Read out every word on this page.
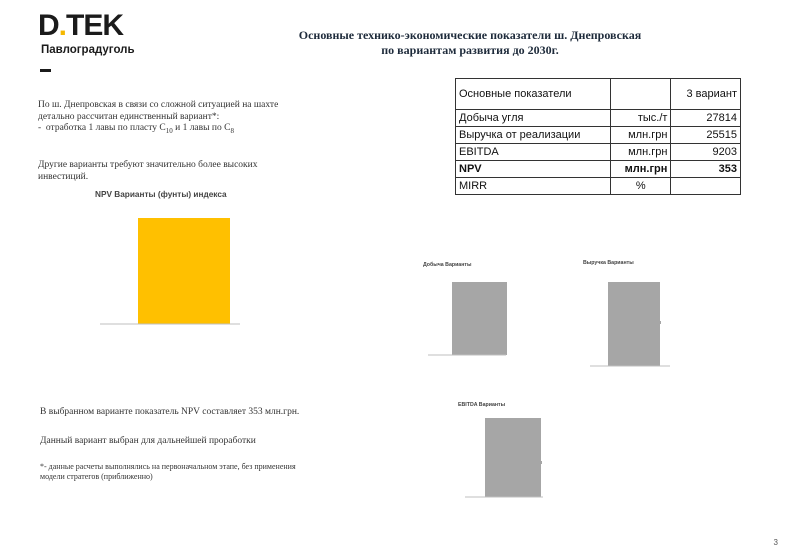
D.TEK
Павлоградуголь
Основные технико-экономические показатели ш. Днепровская
по вариантам развития до 2030г.
Основные показатели		3 вариант
Добыча угля	тыс./т	27814
Выручка от реализации	млн.грн	25515
EBITDA	млн.грн	9203
NPV	млн.грн	353
MIRR	%	
По ш. Днепровская в связи со сложной ситуацией на шахте
детально рассчитан единственный вариант*:
- отработка 1 лавы по пласту $С_{10}$ и 1 лавы по $С_8$
Другие варианты требуют значительно более высоких
инвестиций.
В выбранном варианте показатель NPV составляет 353 млн.грн.
Данный вариант выбран для дальнейшей проработки
*- данные расчеты выполнялись на первоначальном этапе, без применения
модели стратегов (приближенно)
NPV Варианты (фунты) индекса
Добыча Варианты	Выручка Варианты
EBITDA Варианты
3
